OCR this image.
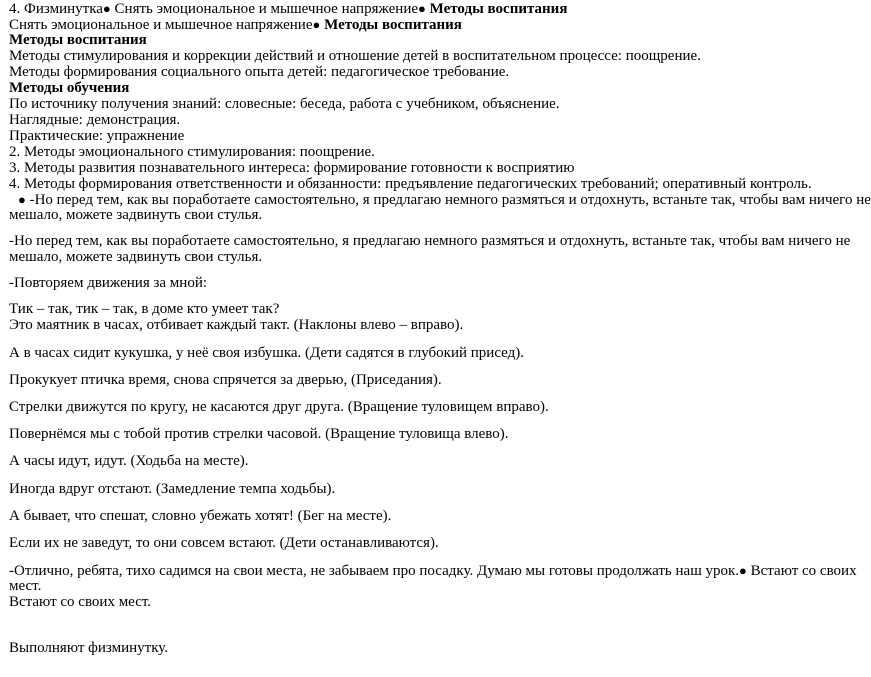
4. Физминутка● Снять эмоциональное и мышечное напряжение● Методы воспитания
Снять эмоциональное и мышечное напряжение● Методы воспитания
Методы воспитания
Методы стимулирования и коррекции действий и отношение детей в воспитательном процессе: поощрение.
Методы формирования социального опыта детей: педагогическое требование.
Методы обучения
По источнику получения знаний: словесные: беседа, работа с учебником, объяснение.
Наглядные: демонстрация.
Практические: упражнение
2. Методы эмоционального стимулирования: поощрение.
3. Методы развития познавательного интереса: формирование готовности к восприятию
4. Методы формирования ответственности и обязанности: предъявление педагогических требований; оперативный контроль.
● -Но перед тем, как вы поработаете самостоятельно, я предлагаю немного размяться и отдохнуть, встаньте так, чтобы вам ничего не
мешало, можете задвинуть свои стулья.
-Но перед тем, как вы поработаете самостоятельно, я предлагаю немного размяться и отдохнуть, встаньте так, чтобы вам ничего не
мешало, можете задвинуть свои стулья.
-Повторяем движения за мной:
Тик – так, тик – так, в доме кто умеет так?
Это маятник в часах, отбивает каждый такт. (Наклоны влево – вправо).
А в часах сидит кукушка, у неё своя избушка. (Дети садятся в глубокий присед).
Прокукует птичка время, снова спрячется за дверью, (Приседания).
Стрелки движутся по кругу, не касаются друг друга. (Вращение туловищем вправо).
Повернёмся мы с тобой против стрелки часовой. (Вращение туловища влево).
А часы идут, идут. (Ходьба на месте).
Иногда вдруг отстают. (Замедление темпа ходьбы).
А бывает, что спешат, словно убежать хотят! (Бег на месте).
Если их не заведут, то они совсем встают. (Дети останавливаются).
-Отлично, ребята, тихо садимся на свои места, не забываем про посадку. Думаю мы готовы продолжать наш урок.● Встают со своих
мест.
Встают со своих мест.
Выполняют физминутку.
